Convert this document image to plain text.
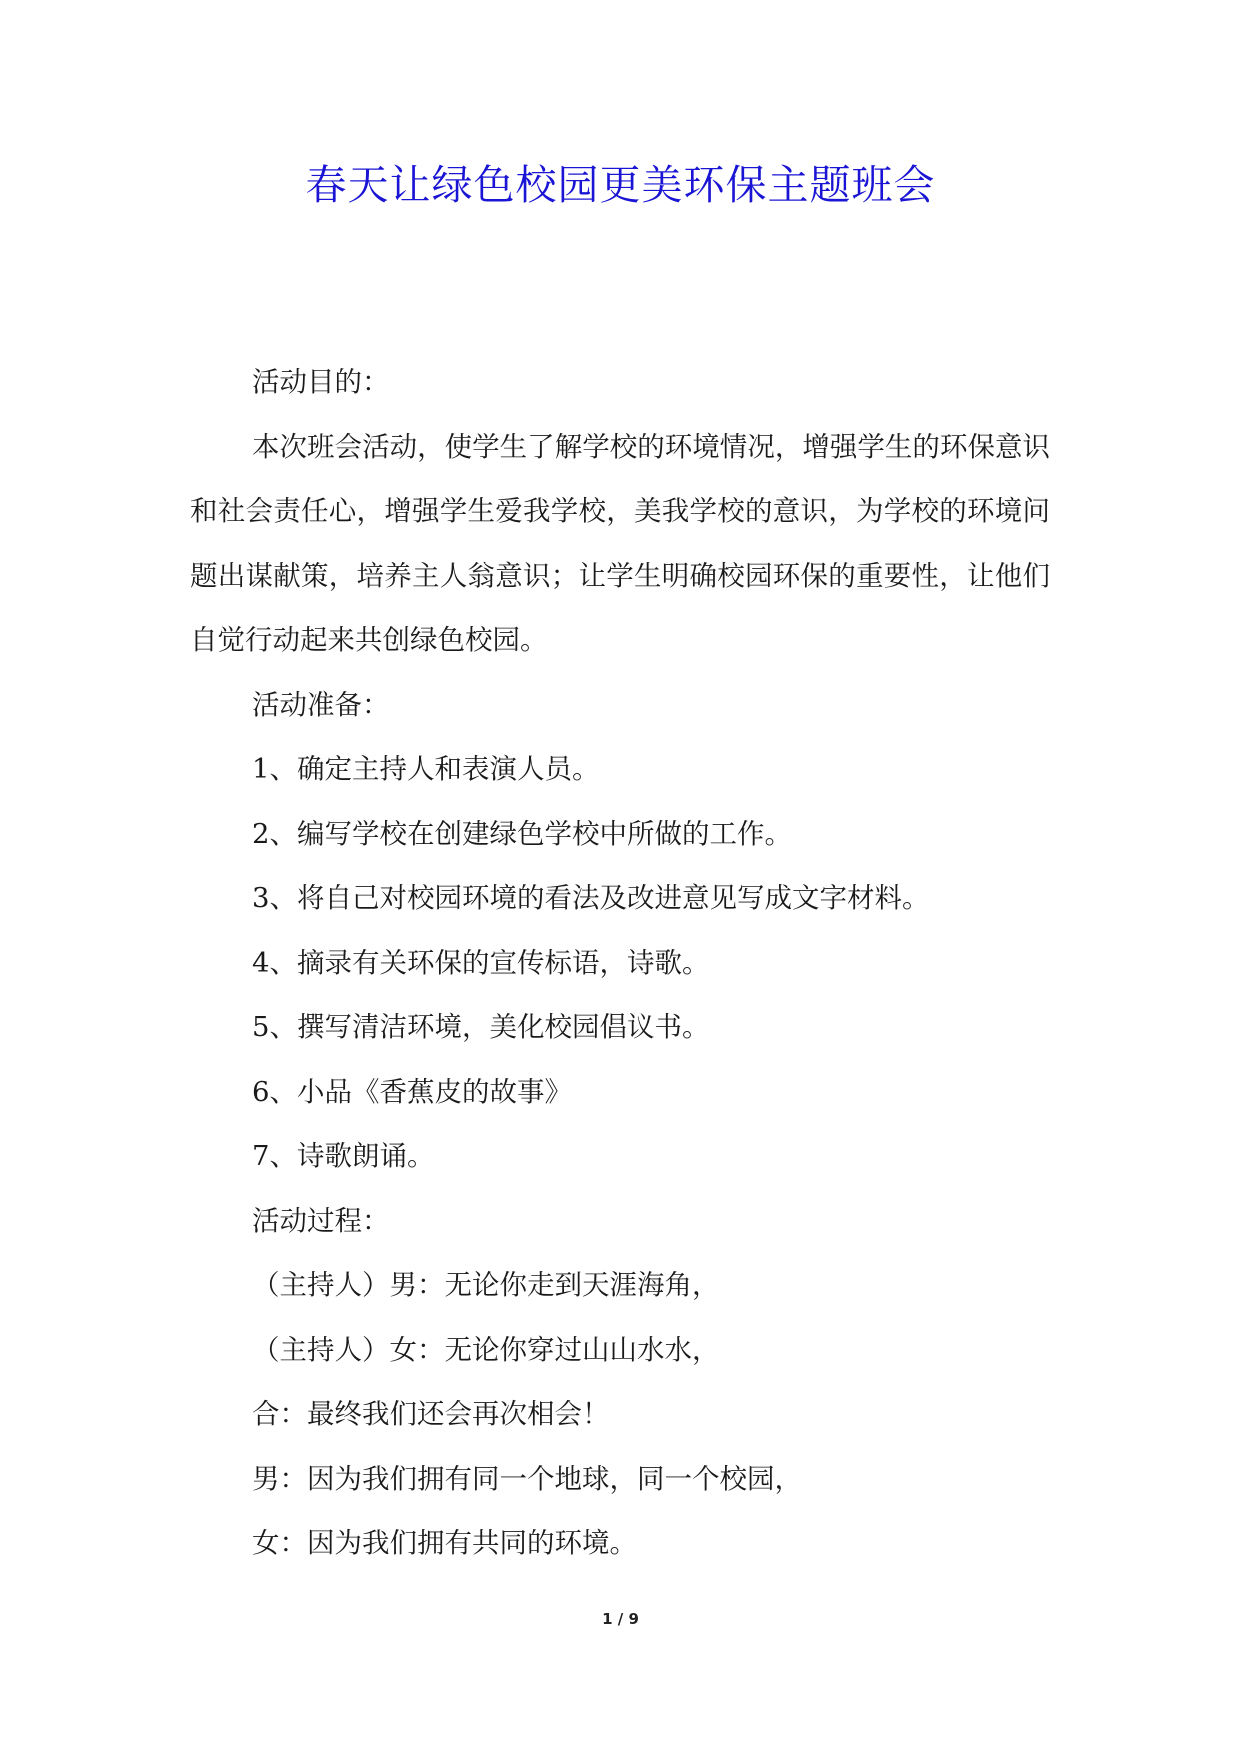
春天让绿色校园更美环保主题班会

活动目的：

本次班会活动，使学生了解学校的环境情况，增强学生的环保意识和社会责任心，增强学生爱我学校，美我学校的意识，为学校的环境问题出谋献策，培养主人翁意识；让学生明确校园环保的重要性，让他们自觉行动起来共创绿色校园。

活动准备：

1、确定主持人和表演人员。

2、编写学校在创建绿色学校中所做的工作。

3、将自己对校园环境的看法及改进意见写成文字材料。

4、摘录有关环保的宣传标语，诗歌。

5、撰写清洁环境，美化校园倡议书。

6、小品《香蕉皮的故事》

7、诗歌朗诵。

活动过程：

（主持人）男：无论你走到天涯海角，

（主持人）女：无论你穿过山山水水，

合：最终我们还会再次相会！

男：因为我们拥有同一个地球，同一个校园，

女：因为我们拥有共同的环境。

1 / 9
